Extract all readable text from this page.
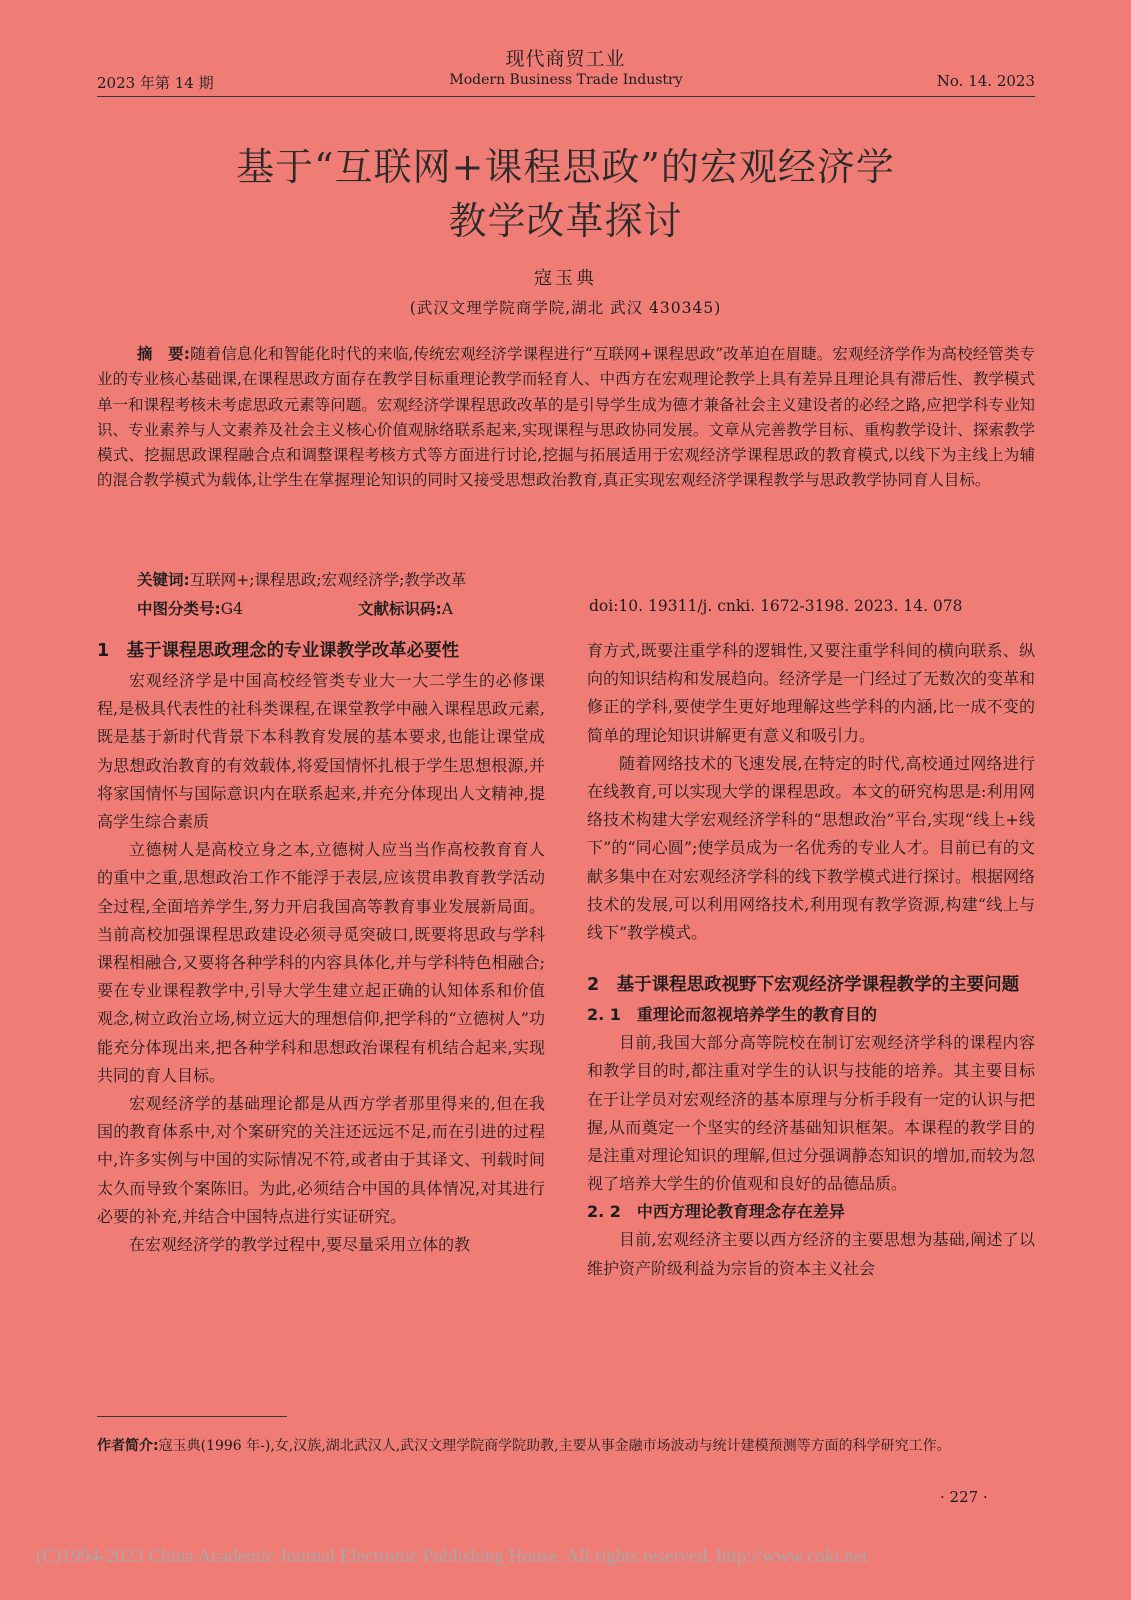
现代商贸工业
2023 年第 14 期	Modern Business Trade Industry	No. 14. 2023
基于“互联网+课程思政”的宏观经济学
教学改革探讨
寇玉典
(武汉文理学院商学院,湖北 武汉 430345)
摘　要:随着信息化和智能化时代的来临,传统宏观经济学课程进行“互联网+课程思政”改革迫在眉睫。宏观经济学作为高校经管类专业的专业核心基础课,在课程思政方面存在教学目标重理论教学而轻育人、中西方在宏观理论教学上具有差异且理论具有滞后性、教学模式单一和课程考核未考虑思政元素等问题。宏观经济学课程思政改革的是引导学生成为德才兼备社会主义建设者的必经之路,应把学科专业知识、专业素养与人文素养及社会主义核心价值观脉络联系起来,实现课程与思政协同发展。文章从完善教学目标、重构教学设计、探索教学模式、挖掘思政课程融合点和调整课程考核方式等方面进行讨论,挖掘与拓展适用于宏观经济学课程思政的教育模式,以线下为主线上为辅的混合教学模式为载体,让学生在掌握理论知识的同时又接受思想政治教育,真正实现宏观经济学课程教学与思政教学协同育人目标。
关键词:互联网+;课程思政;宏观经济学;教学改革
中图分类号:G4	文献标识码:A	doi:10. 19311/j. cnki. 1672-3198. 2023. 14. 078
1　基于课程思政理念的专业课教学改革必要性

宏观经济学是中国高校经管类专业大一大二学生的必修课程,是极具代表性的社科类课程,在课堂教学中融入课程思政元素,既是基于新时代背景下本科教育发展的基本要求,也能让课堂成为思想政治教育的有效载体,将爱国情怀扎根于学生思想根源,并将家国情怀与国际意识内在联系起来,并充分体现出人文精神,提高学生综合素质

立德树人是高校立身之本,立德树人应当当作高校教育育人的重中之重,思想政治工作不能浮于表层,应该贯串教育教学活动全过程,全面培养学生,努力开启我国高等教育事业发展新局面。当前高校加强课程思政建设必须寻觅突破口,既要将思政与学科课程相融合,又要将各种学科的内容具体化,并与学科特色相融合;要在专业课程教学中,引导大学生建立起正确的认知体系和价值观念,树立政治立场,树立远大的理想信仰,把学科的“立德树人”功能充分体现出来,把各种学科和思想政治课程有机结合起来,实现共同的育人目标。

宏观经济学的基础理论都是从西方学者那里得来的,但在我国的教育体系中,对个案研究的关注还远远不足,而在引进的过程中,许多实例与中国的实际情况不符,或者由于其译文、刊载时间太久而导致个案陈旧。为此,必须结合中国的具体情况,对其进行必要的补充,并结合中国特点进行实证研究。

在宏观经济学的教学过程中,要尽量采用立体的教

育方式,既要注重学科的逻辑性,又要注重学科间的横向联系、纵向的知识结构和发展趋向。经济学是一门经过了无数次的变革和修正的学科,要使学生更好地理解这些学科的内涵,比一成不变的简单的理论知识讲解更有意义和吸引力。

随着网络技术的飞速发展,在特定的时代,高校通过网络进行在线教育,可以实现大学的课程思政。本文的研究构思是:利用网络技术构建大学宏观经济学科的“思想政治”平台,实现“线上+线下”的“同心圆”;使学员成为一名优秀的专业人才。目前已有的文献多集中在对宏观经济学科的线下教学模式进行探讨。根据网络技术的发展,可以利用网络技术,利用现有教学资源,构建“线上与线下”教学模式。

2　基于课程思政视野下宏观经济学课程教学的主要问题
2. 1　重理论而忽视培养学生的教育目的

目前,我国大部分高等院校在制订宏观经济学科的课程内容和教学目的时,都注重对学生的认识与技能的培养。其主要目标在于让学员对宏观经济的基本原理与分析手段有一定的认识与把握,从而奠定一个坚实的经济基础知识框架。本课程的教学目的是注重对理论知识的理解,但过分强调静态知识的增加,而较为忽视了培养大学生的价值观和良好的品德品质。

2. 2　中西方理论教育理念存在差异

目前,宏观经济主要以西方经济的主要思想为基础,阐述了以维护资产阶级利益为宗旨的资本主义社会

作者简介:寇玉典(1996 年-),女,汉族,湖北武汉人,武汉文理学院商学院助教,主要从事金融市场波动与统计建模预测等方面的科学研究工作。
· 227 ·
(C)1994-2023 China Academic Journal Electronic Publishing House. All rights reserved. http://www.cnki.net
